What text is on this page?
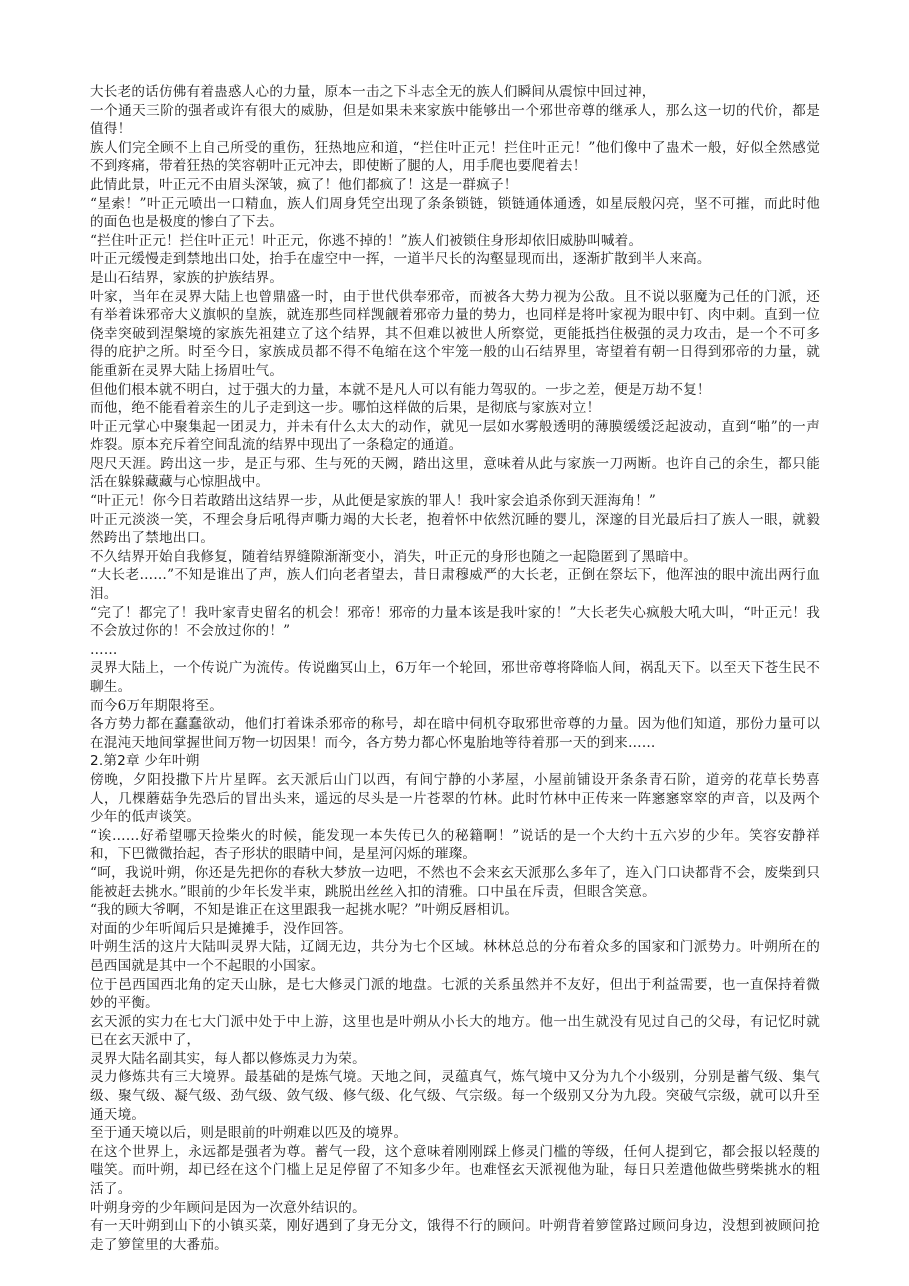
大长老的话仿佛有着蛊惑人心的力量，原本一击之下斗志全无的族人们瞬间从震惊中回过神，

一个通天三阶的强者或许有很大的威胁，但是如果未来家族中能够出一个邪世帝尊的继承人，那么这一切的代价，都是值得！

族人们完全顾不上自己所受的重伤，狂热地应和道，“拦住叶正元！拦住叶正元！”他们像中了蛊术一般，好似全然感觉不到疼痛，带着狂热的笑容朝叶正元冲去，即使断了腿的人，用手爬也要爬着去！

此情此景，叶正元不由眉头深皱，疯了！他们都疯了！这是一群疯子！

“星索！”叶正元喷出一口精血，族人们周身凭空出现了条条锁链，锁链通体通透，如星辰般闪亮，坚不可摧，而此时他的面色也是极度的惨白了下去。

“拦住叶正元！拦住叶正元！叶正元，你逃不掉的！”族人们被锁住身形却依旧威胁叫喊着。

叶正元缓慢走到禁地出口处，抬手在虚空中一挥，一道半尺长的沟壑显现而出，逐渐扩散到半人来高。

是山石结界，家族的护族结界。

叶家，当年在灵界大陆上也曾鼎盛一时，由于世代供奉邪帝，而被各大势力视为公敌。且不说以驱魔为己任的门派，还有举着诛邪帝大义旗帜的皇族，就连那些同样觊觎着邪帝力量的势力，也同样是将叶家视为眼中钉、肉中刺。直到一位侥幸突破到涅槃境的家族先祖建立了这个结界，其不但难以被世人所察觉，更能抵挡住极强的灵力攻击，是一个不可多得的庇护之所。时至今日，家族成员都不得不龟缩在这个牢笼一般的山石结界里，寄望着有朝一日得到邪帝的力量，就能重新在灵界大陆上扬眉吐气。

但他们根本就不明白，过于强大的力量，本就不是凡人可以有能力驾驭的。一步之差，便是万劫不复！

而他，绝不能看着亲生的儿子走到这一步。哪怕这样做的后果，是彻底与家族对立！

叶正元掌心中聚集起一团灵力，并未有什么太大的动作，就见一层如水雾般透明的薄膜缓缓泛起波动，直到“啪”的一声炸裂。原本充斥着空间乱流的结界中现出了一条稳定的通道。

咫尺天涯。跨出这一步，是正与邪、生与死的天阙，踏出这里，意味着从此与家族一刀两断。也许自己的余生，都只能活在躲躲藏藏与心惊胆战中。

“叶正元！你今日若敢踏出这结界一步，从此便是家族的罪人！我叶家会追杀你到天涯海角！”

叶正元淡淡一笑，不理会身后吼得声嘶力竭的大长老，抱着怀中依然沉睡的婴儿，深邃的目光最后扫了族人一眼，就毅然跨出了禁地出口。

不久结界开始自我修复，随着结界缝隙渐渐变小，消失，叶正元的身形也随之一起隐匿到了黑暗中。

“大长老……”不知是谁出了声，族人们向老者望去，昔日肃穆威严的大长老，正倒在祭坛下，他浑浊的眼中流出两行血泪。

“完了！都完了！我叶家青史留名的机会！邪帝！邪帝的力量本该是我叶家的！”大长老失心疯般大吼大叫，“叶正元！我不会放过你的！不会放过你的！”

……

灵界大陆上，一个传说广为流传。传说幽冥山上，6万年一个轮回，邪世帝尊将降临人间，祸乱天下。以至天下苍生民不聊生。

而今6万年期限将至。

各方势力都在蠢蠢欲动，他们打着诛杀邪帝的称号，却在暗中伺机夺取邪世帝尊的力量。因为他们知道，那份力量可以在混沌天地间掌握世间万物一切因果！而今，各方势力都心怀鬼胎地等待着那一天的到来……

2.第2章 少年叶朔

傍晚，夕阳投撒下片片星晖。玄天派后山门以西，有间宁静的小茅屋，小屋前铺设开条条青石阶，道旁的花草长势喜人，几棵蘑菇争先恐后的冒出头来，遥远的尽头是一片苍翠的竹林。此时竹林中正传来一阵窸窸窣窣的声音，以及两个少年的低声谈笑。

“诶……好希望哪天捡柴火的时候，能发现一本失传已久的秘籍啊！”说话的是一个大约十五六岁的少年。笑容安静祥和，下巴微微抬起，杏子形状的眼睛中间，是星河闪烁的璀璨。

“呵，我说叶朔，你还是先把你的春秋大梦放一边吧，不然也不会来玄天派那么多年了，连入门口诀都背不会，废柴到只能被赶去挑水。”眼前的少年长发半束，跳脱出丝丝入扣的清雅。口中虽在斥责，但眼含笑意。

“我的顾大爷啊，不知是谁正在这里跟我一起挑水呢？”叶朔反唇相讥。

对面的少年听闻后只是摊摊手，没作回答。

叶朔生活的这片大陆叫灵界大陆，辽阔无边，共分为七个区域。林林总总的分布着众多的国家和门派势力。叶朔所在的邑西国就是其中一个不起眼的小国家。

位于邑西国西北角的定天山脉，是七大修灵门派的地盘。七派的关系虽然并不友好，但出于利益需要，也一直保持着微妙的平衡。

玄天派的实力在七大门派中处于中上游，这里也是叶朔从小长大的地方。他一出生就没有见过自己的父母，有记忆时就已在玄天派中了，

灵界大陆名副其实，每人都以修炼灵力为荣。

灵力修炼共有三大境界。最基础的是炼气境。天地之间，灵蕴真气，炼气境中又分为九个小级别，分别是蓄气级、集气级、聚气级、凝气级、劲气级、敛气级、修气级、化气级、气宗级。每一个级别又分为九段。突破气宗级，就可以升至通天境。

至于通天境以后，则是眼前的叶朔难以匹及的境界。

在这个世界上，永远都是强者为尊。蓄气一段，这个意味着刚刚踩上修灵门槛的等级，任何人提到它，都会报以轻蔑的嗤笑。而叶朔，却已经在这个门槛上足足停留了不知多少年。也难怪玄天派视他为耻，每日只差遣他做些劈柴挑水的粗活了。

叶朔身旁的少年顾问是因为一次意外结识的。

有一天叶朔到山下的小镇买菜，刚好遇到了身无分文，饿得不行的顾问。叶朔背着箩筐路过顾问身边，没想到被顾问抢走了箩筐里的大番茄。
